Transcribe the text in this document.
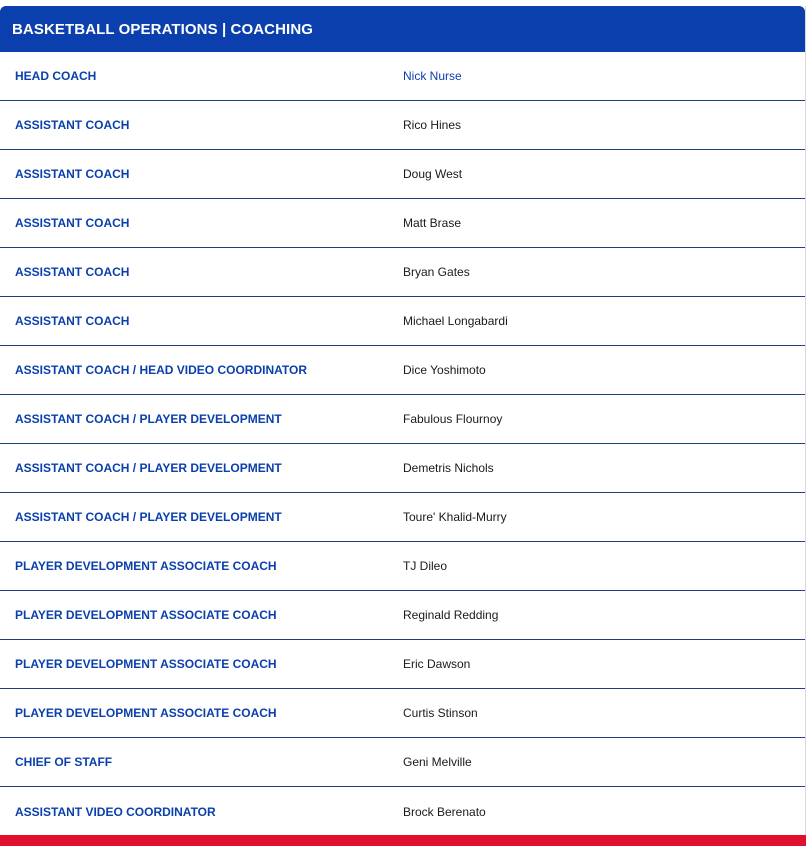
BASKETBALL OPERATIONS | COACHING
HEAD COACH	Nick Nurse
ASSISTANT COACH	Rico Hines
ASSISTANT COACH	Doug West
ASSISTANT COACH	Matt Brase
ASSISTANT COACH	Bryan Gates
ASSISTANT COACH	Michael Longabardi
ASSISTANT COACH / HEAD VIDEO COORDINATOR	Dice Yoshimoto
ASSISTANT COACH / PLAYER DEVELOPMENT	Fabulous Flournoy
ASSISTANT COACH / PLAYER DEVELOPMENT	Demetris Nichols
ASSISTANT COACH / PLAYER DEVELOPMENT	Toure' Khalid-Murry
PLAYER DEVELOPMENT ASSOCIATE COACH	TJ Dileo
PLAYER DEVELOPMENT ASSOCIATE COACH	Reginald Redding
PLAYER DEVELOPMENT ASSOCIATE COACH	Eric Dawson
PLAYER DEVELOPMENT ASSOCIATE COACH	Curtis Stinson
CHIEF OF STAFF	Geni Melville
ASSISTANT VIDEO COORDINATOR	Brock Berenato
